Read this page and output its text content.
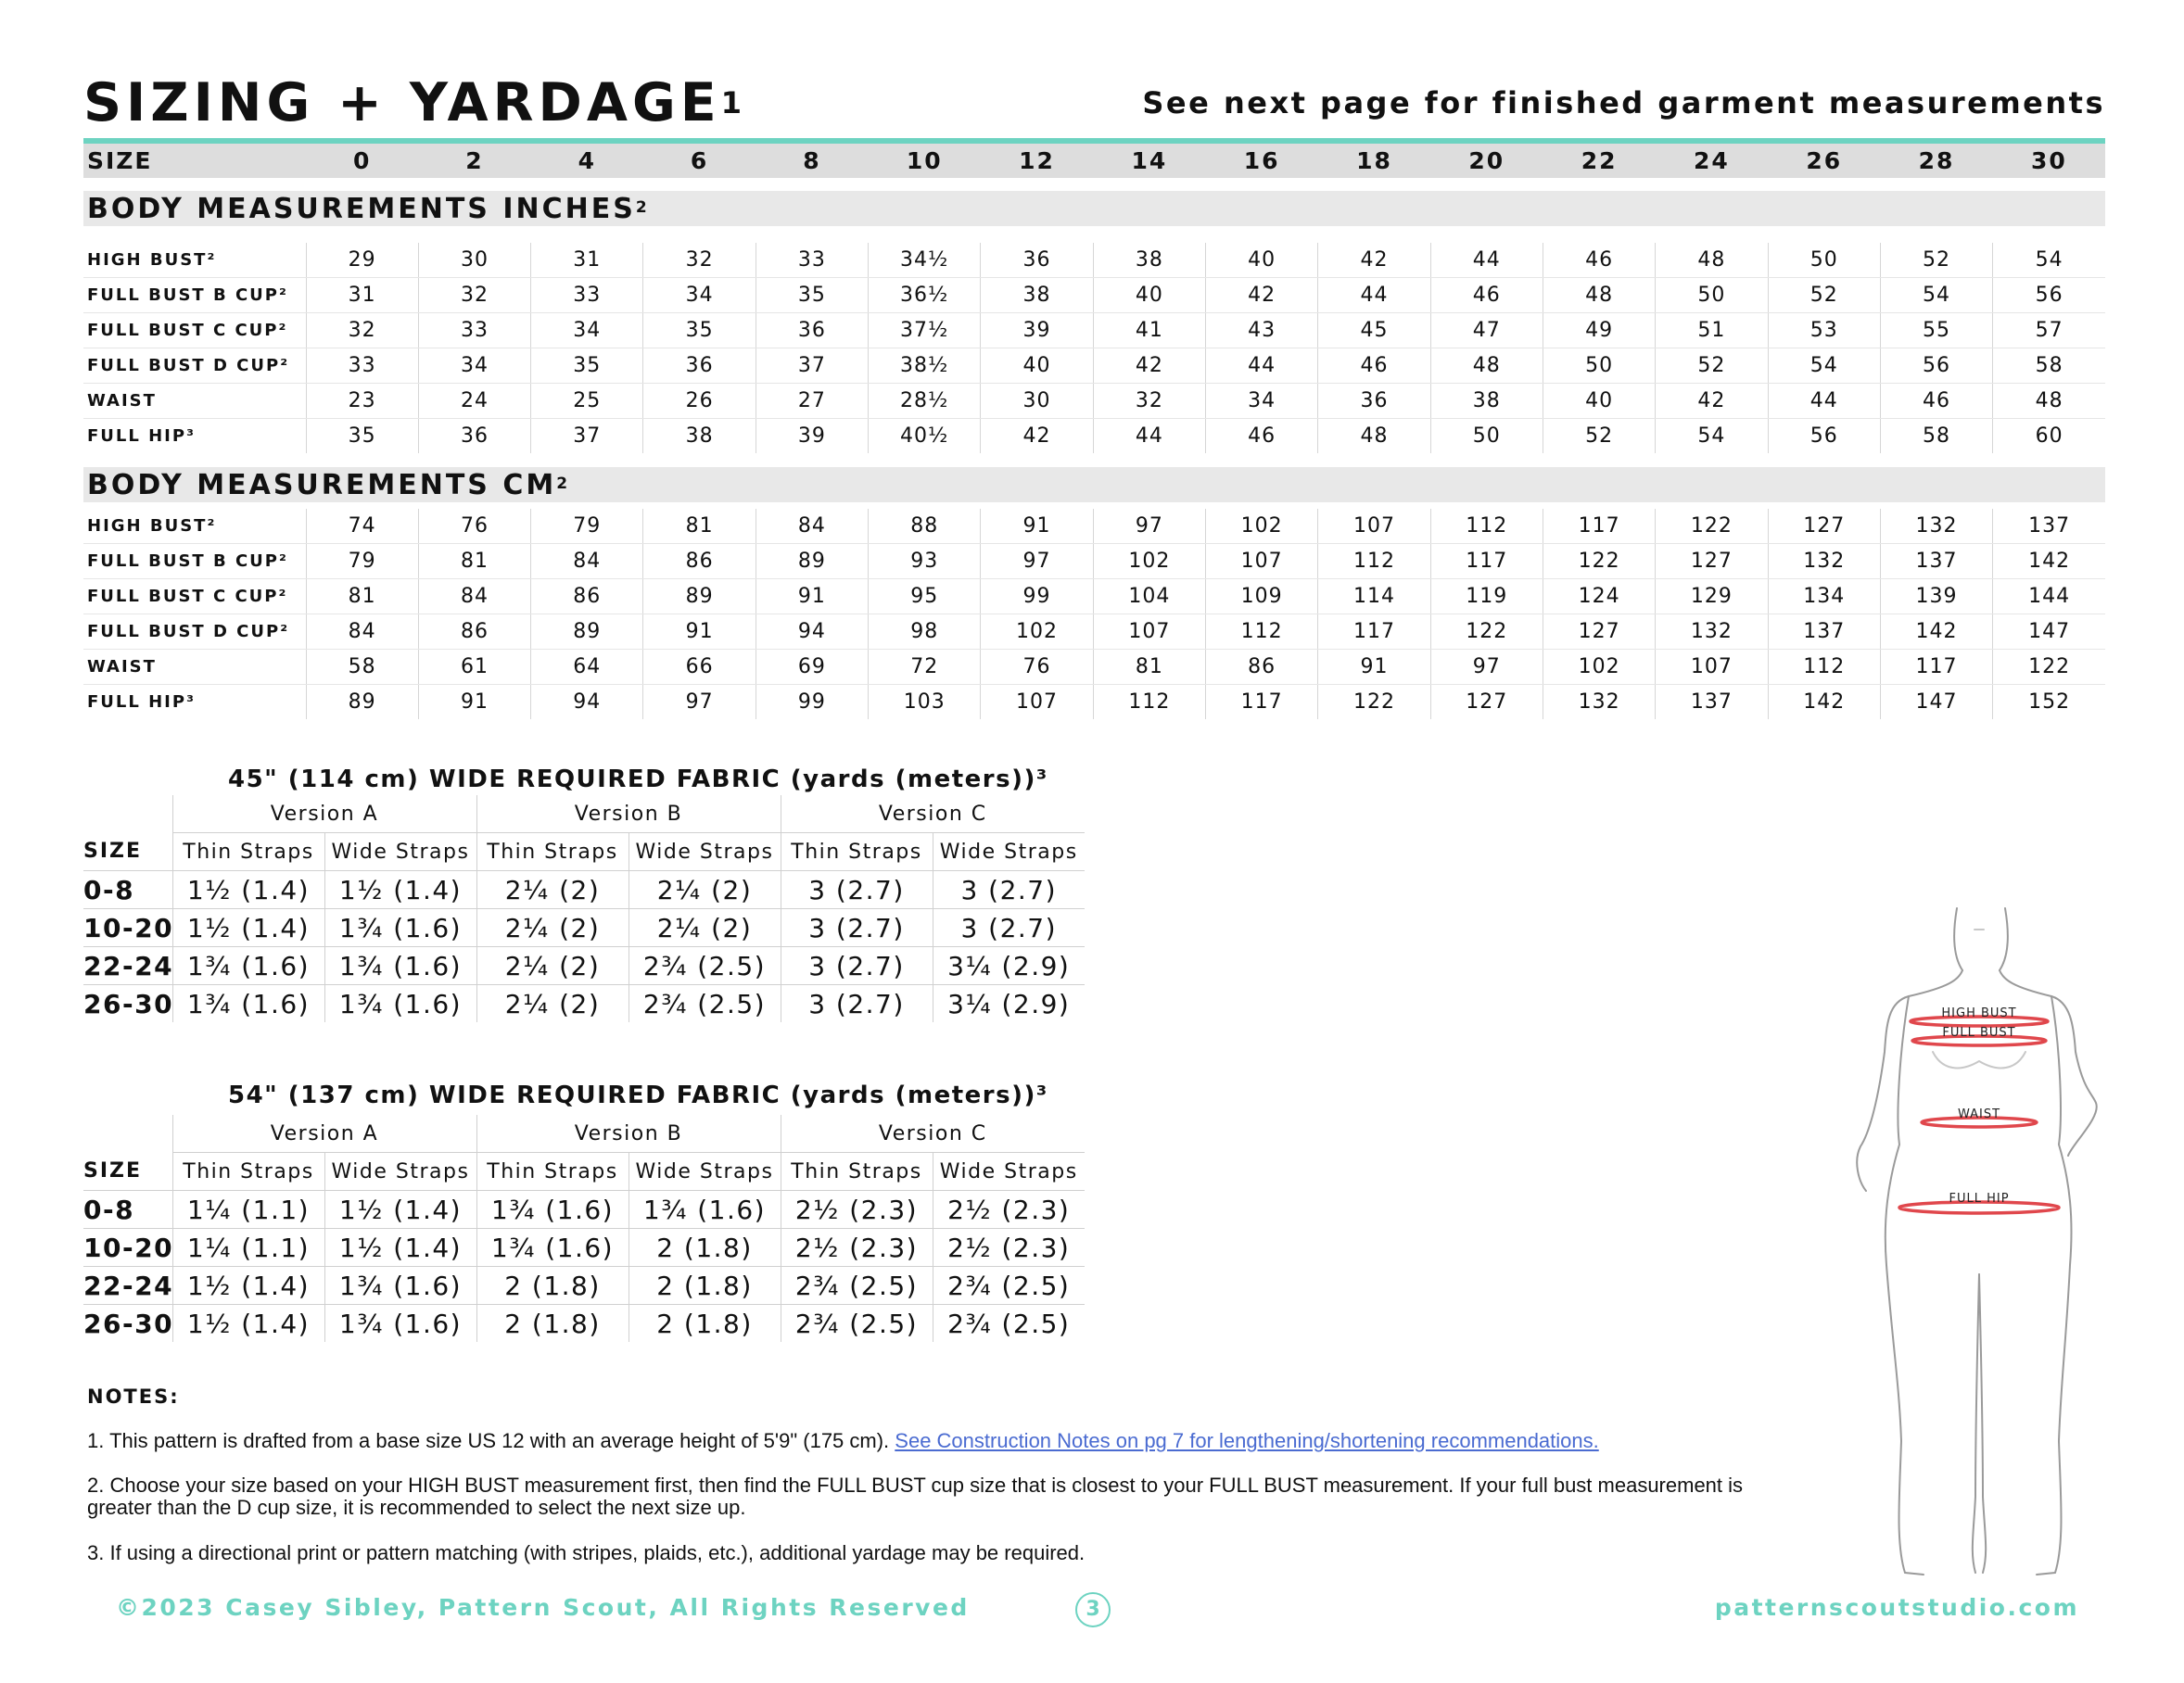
SIZING + $YARDAGE^1$	See next page for finished garment measurements
SIZE	0	2	4	6	8	10	12	14	16	18	20	22	24	26	28	30
BODY MEASUREMENTS INCHES$^2$
HIGH BUST²	29	30	31	32	33	34½	36	38	40	42	44	46	48	50	52	54
FULL BUST B CUP²	31	32	33	34	35	36½	38	40	42	44	46	48	50	52	54	56
FULL BUST C CUP²	32	33	34	35	36	37½	39	41	43	45	47	49	51	53	55	57
FULL BUST D CUP²	33	34	35	36	37	38½	40	42	44	46	48	50	52	54	56	58
WAIST	23	24	25	26	27	28½	30	32	34	36	38	40	42	44	46	48
FULL HIP³	35	36	37	38	39	40½	42	44	46	48	50	52	54	56	58	60
BODY MEASUREMENTS $CM^2$
HIGH BUST²	74	76	79	81	84	88	91	97	102	107	112	117	122	127	132	137
FULL BUST B CUP²	79	81	84	86	89	93	97	102	107	112	117	122	127	132	137	142
FULL BUST C CUP²	81	84	86	89	91	95	99	104	109	114	119	124	129	134	139	144
FULL BUST D CUP²	84	86	89	91	94	98	102	107	112	117	122	127	132	137	142	147
WAIST	58	61	64	66	69	72	76	81	86	91	97	102	107	112	117	122
FULL HIP³	89	91	94	97	99	103	107	112	117	122	127	132	137	142	147	152
45" (114 cm) WIDE REQUIRED FABRIC (yards (meters))³
	Version A		Version B		Version C	
SIZE	Thin Straps	Wide Straps	Thin Straps	Wide Straps	Thin Straps	Wide Straps
0-8	1½ (1.4)	1½ (1.4)	2¼ (2)	2¼ (2)	3 (2.7)	3 (2.7)
10-20	1½ (1.4)	1¾ (1.6)	2¼ (2)	2¼ (2)	3 (2.7)	3 (2.7)
22-24	1¾ (1.6)	1¾ (1.6)	2¼ (2)	2¾ (2.5)	3 (2.7)	3¼ (2.9)
26-30	1¾ (1.6)	1¾ (1.6)	2¼ (2)	2¾ (2.5)	3 (2.7)	3¼ (2.9)
54" (137 cm) WIDE REQUIRED FABRIC (yards (meters))³
	Version A		Version B		Version C	
SIZE	Thin Straps	Wide Straps	Thin Straps	Wide Straps	Thin Straps	Wide Straps
0-8	1¼ (1.1)	1½ (1.4)	1¾ (1.6)	1¾ (1.6)	2½ (2.3)	2½ (2.3)
10-20	1¼ (1.1)	1½ (1.4)	1¾ (1.6)	2 (1.8)	2½ (2.3)	2½ (2.3)
22-24	1½ (1.4)	1¾ (1.6)	2 (1.8)	2 (1.8)	2¾ (2.5)	2¾ (2.5)
26-30	1½ (1.4)	1¾ (1.6)	2 (1.8)	2 (1.8)	2¾ (2.5)	2¾ (2.5)
NOTES:
1. This pattern is drafted from a base size US 12 with an average height of 5'9" (175 cm). See Construction Notes on pg 7 for lengthening/shortening recommendations.
2. Choose your size based on your HIGH BUST measurement first, then find the FULL BUST cup size that is closest to your FULL BUST measurement. If your full bust measurement is greater than the D cup size, it is recommended to select the next size up.
3. If using a directional print or pattern matching (with stripes, plaids, etc.), additional yardage may be required.
HIGH BUST
FULL BUST
WAIST
FULL HIP
©2023 Casey Sibley, Pattern Scout, All Rights Reserved	3	patternscoutstudio.com
